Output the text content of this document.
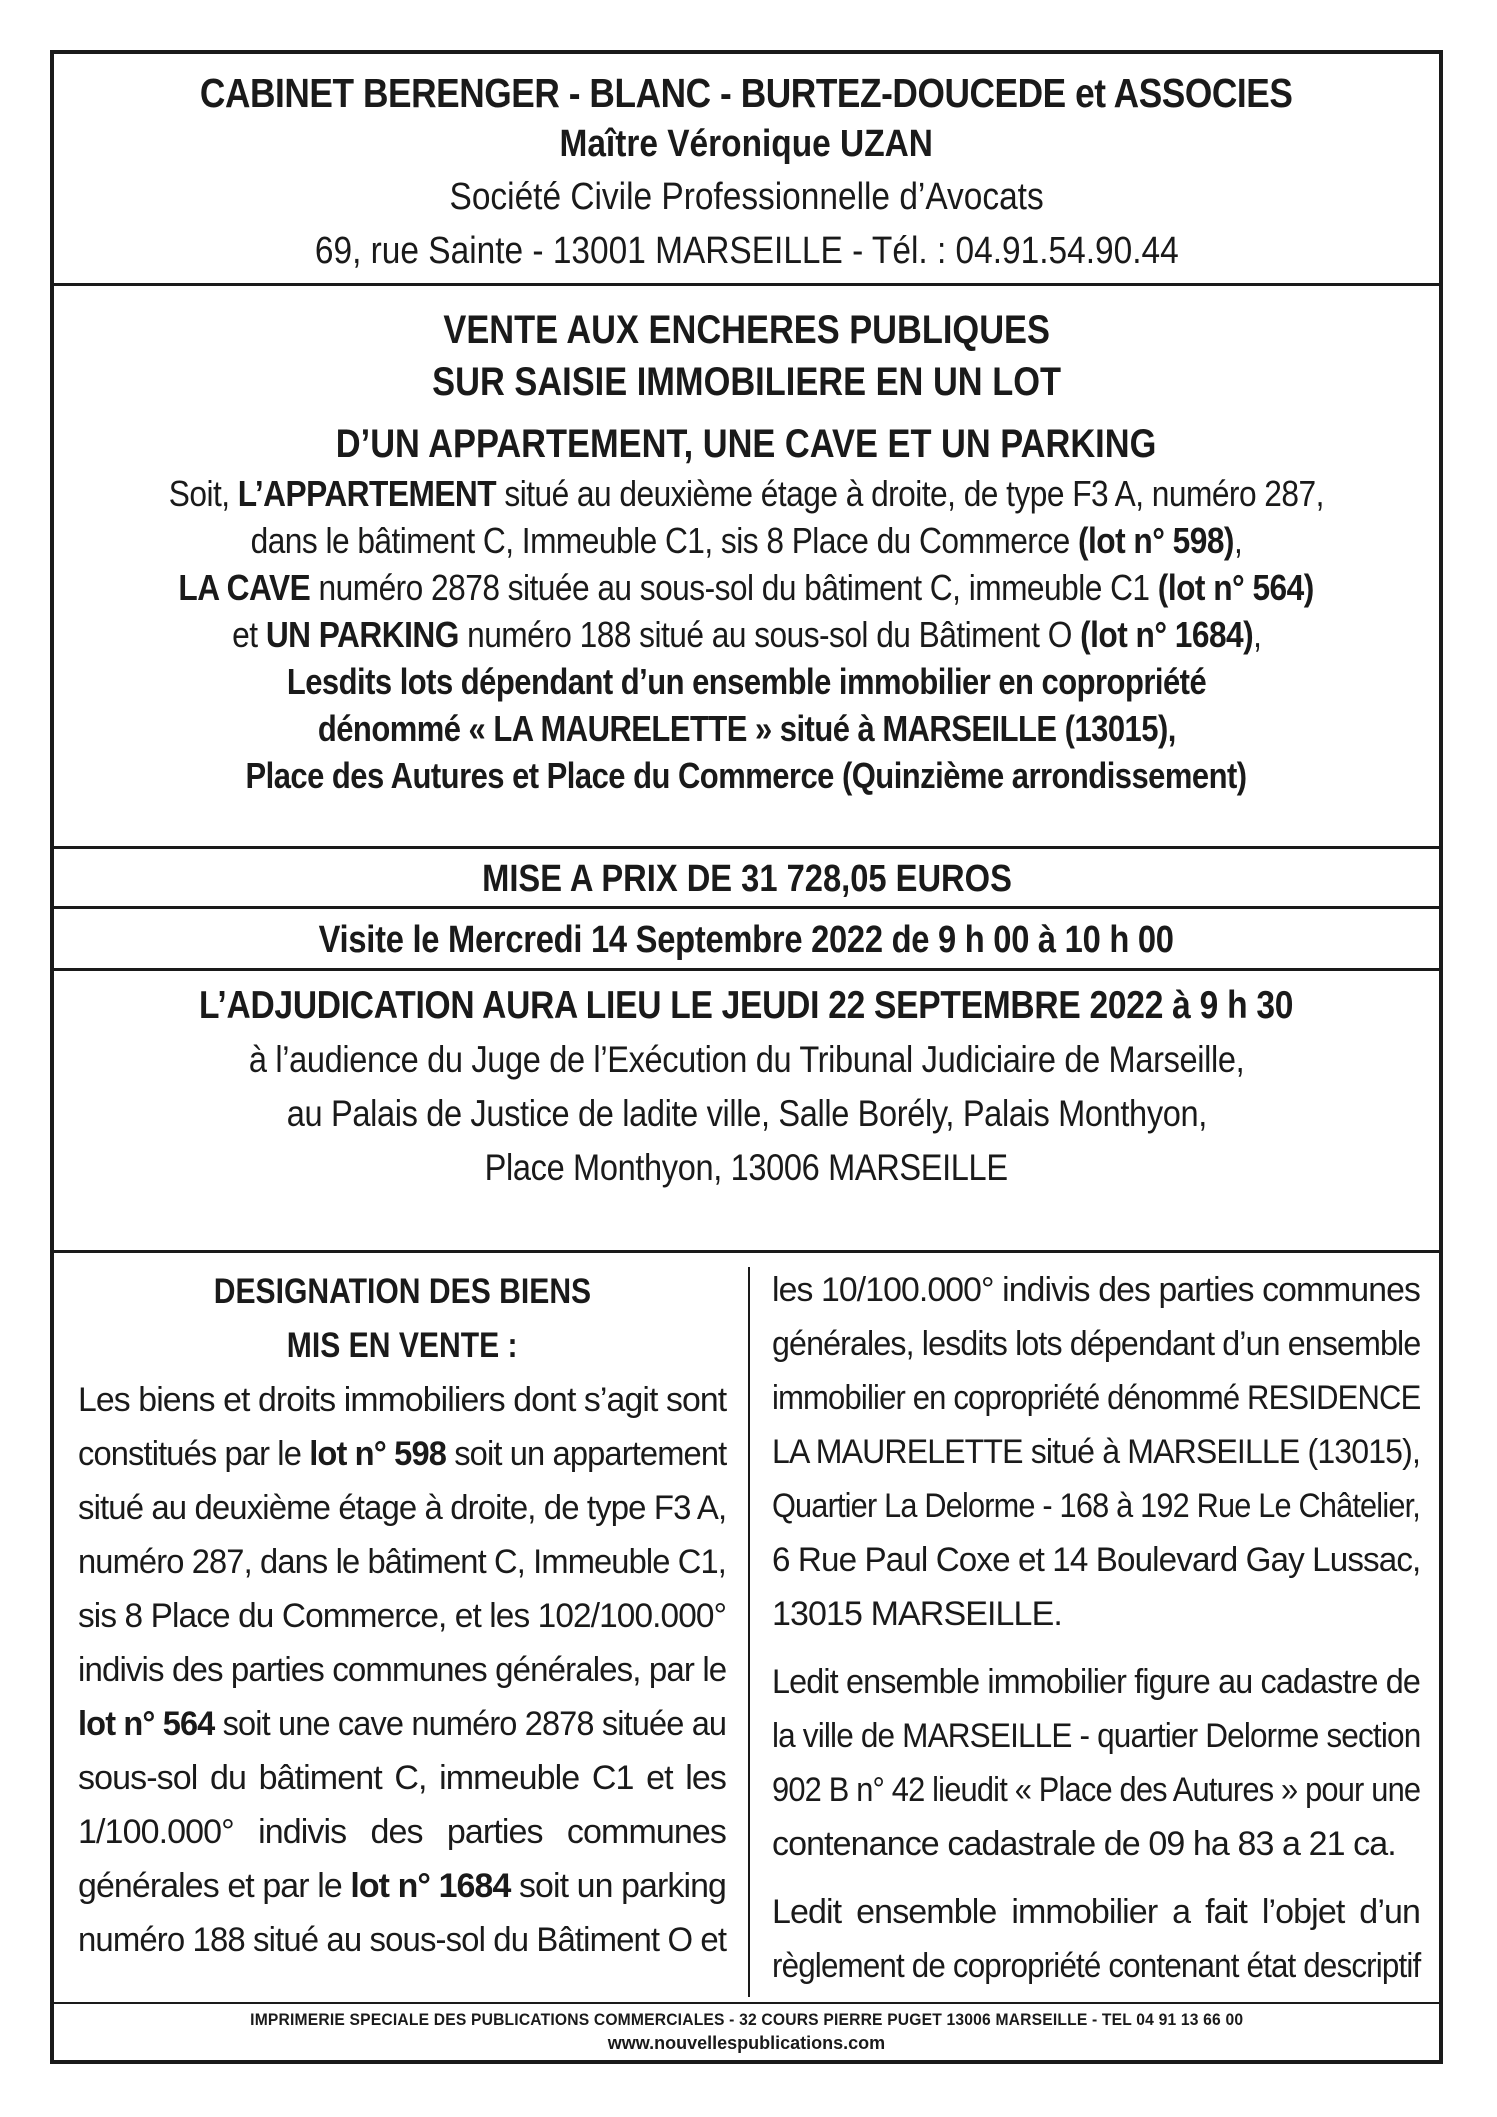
CABINET BERENGER - BLANC - BURTEZ-DOUCEDE et ASSOCIES
Maître Véronique UZAN
Société Civile Professionnelle d’Avocats
69, rue Sainte - 13001 MARSEILLE - Tél. : 04.91.54.90.44
VENTE AUX ENCHERES PUBLIQUES
SUR SAISIE IMMOBILIERE EN UN LOT
D’UN APPARTEMENT, UNE CAVE ET UN PARKING
Soit, L’APPARTEMENT situé au deuxième étage à droite, de type F3 A, numéro 287,
dans le bâtiment C, Immeuble C1, sis 8 Place du Commerce (lot n° 598),
LA CAVE numéro 2878 située au sous-sol du bâtiment C, immeuble C1 (lot n° 564)
et UN PARKING numéro 188 situé au sous-sol du Bâtiment O (lot n° 1684),
Lesdits lots dépendant d’un ensemble immobilier en copropriété
dénommé « LA MAURELETTE » situé à MARSEILLE (13015),
Place des Autures et Place du Commerce (Quinzième arrondissement)
MISE A PRIX DE 31 728,05 EUROS
Visite le Mercredi 14 Septembre 2022 de 9 h 00 à 10 h 00
L’ADJUDICATION AURA LIEU LE JEUDI 22 SEPTEMBRE 2022 à 9 h 30
à l’audience du Juge de l’Exécution du Tribunal Judiciaire de Marseille,
au Palais de Justice de ladite ville, Salle Borély, Palais Monthyon,
Place Monthyon, 13006 MARSEILLE
DESIGNATION DES BIENS
MIS EN VENTE :
Les biens et droits immobiliers dont s’agit sont
constitués par le lot n° 598 soit un appartement
situé au deuxième étage à droite, de type F3 A,
numéro 287, dans le bâtiment C, Immeuble C1,
sis 8 Place du Commerce, et les 102/100.000°
indivis des parties communes générales, par le
lot n° 564 soit une cave numéro 2878 située au
sous-sol du bâtiment C, immeuble C1 et les
1/100.000° indivis des parties communes
générales et par le lot n° 1684 soit un parking
numéro 188 situé au sous-sol du Bâtiment O et
les 10/100.000° indivis des parties communes
générales, lesdits lots dépendant d’un ensemble
immobilier en copropriété dénommé RESIDENCE
LA MAURELETTE situé à MARSEILLE (13015),
Quartier La Delorme - 168 à 192 Rue Le Châtelier,
6 Rue Paul Coxe et 14 Boulevard Gay Lussac,
13015 MARSEILLE.
Ledit ensemble immobilier figure au cadastre de
la ville de MARSEILLE - quartier Delorme section
902 B n° 42 lieudit « Place des Autures » pour une
contenance cadastrale de 09 ha 83 a 21 ca.
Ledit ensemble immobilier a fait l’objet d’un
règlement de copropriété contenant état descriptif
IMPRIMERIE SPECIALE DES PUBLICATIONS COMMERCIALES - 32 COURS PIERRE PUGET 13006 MARSEILLE - TEL 04 91 13 66 00
www.nouvellespublications.com
